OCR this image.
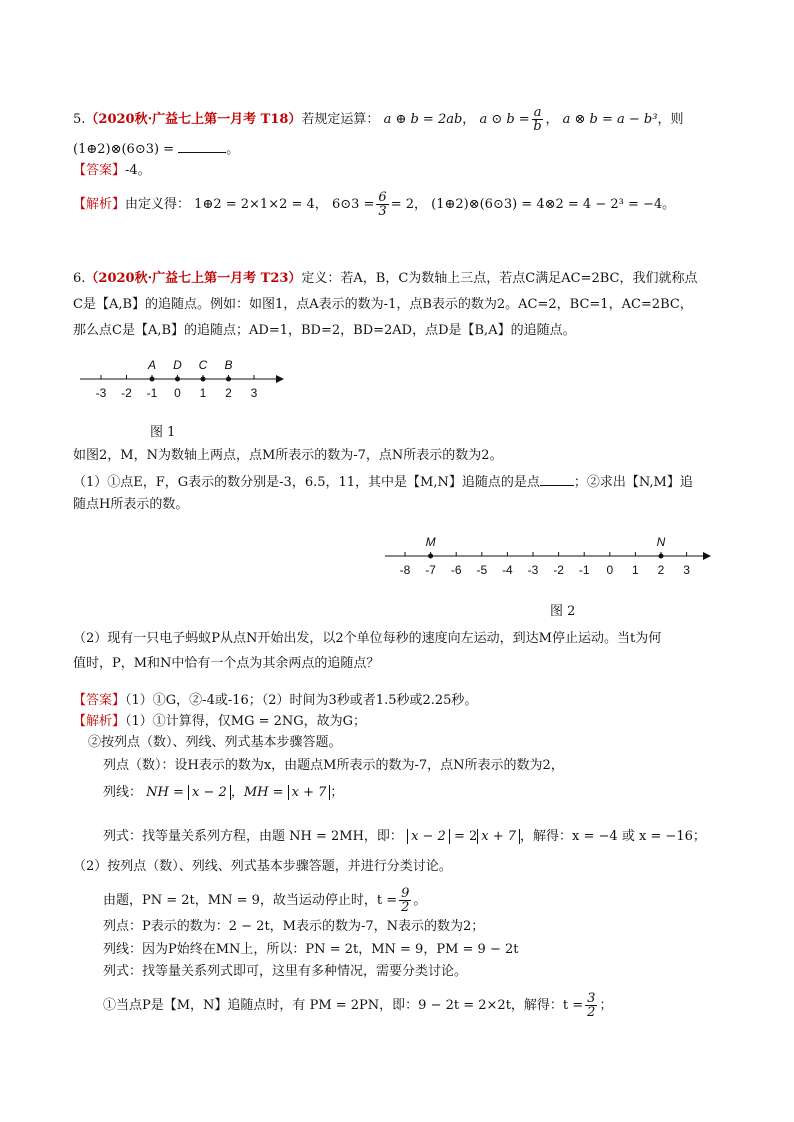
5.（2020秋·广益七上第一月考 T18）若规定运算： a ⊕ b = 2ab， a ⊙ $b = \frac{a}{b}$ ， a ⊗ b = a − b³，则
(1⊕2)⊗(6⊙3) =	。
【答案】-4。
【解析】由定义得： 1⊕2 = 2×1×2 = 4， 6⊙3 = $\frac{6}{3} = 2$， (1⊕2)⊗(6⊙3) = 4⊗2 = 4 − 2³ = −4。
6.（2020秋·广益七上第一月考 T23）定义：若A，B，C为数轴上三点，若点C满足AC=2BC，我们就称点
C是【A,B】的追随点。例如：如图1，点A表示的数为-1，点B表示的数为2。AC=2，BC=1，AC=2BC，
那么点C是【A,B】的追随点；AD=1，BD=2，BD=2AD，点D是【B,A】的追随点。
-3 -2 -1 0 1 2 3
A D C B
图 1
如图2，M，N为数轴上两点，点M所表示的数为-7，点N所表示的数为2。
（1）①点E，F，G表示的数分别是-3，6.5，11，其中是【M,N】追随点的是点	；②求出【N,M】追
随点H所表示的数。
-8 -7 -6 -5 -4 -3 -2 -1 0 1 2 3
M	N
图 2
（2）现有一只电子蚂蚁P从点N开始出发，以2个单位每秒的速度向左运动，到达M停止运动。当t为何
值时，P，M和N中恰有一个点为其余两点的追随点？
【答案】（1）①G，②-4或-16；（2）时间为3秒或者1.5秒或2.25秒。
【解析】（1）①计算得，仅MG = 2NG，故为G；
②按列点（数）、列线、列式基本步骤答题。
列点（数）：设H表示的数为x，由题点M所表示的数为-7，点N所表示的数为2，
列线： NH = x − 2 ，MH = x + 7 ；
列式：找等量关系列方程，由题 NH = 2MH，即： x − 2 = 2 x + 7 ，解得：x = −4 或 x = −16；
（2）按列点（数）、列线、列式基本步骤答题，并进行分类讨论。
由题，PN = 2t，MN = 9，故当运动停止时，$t = \frac{9}{2}$ 。
列点：P表示的数为：2 − 2t，M表示的数为-7，N表示的数为2；
列线：因为P始终在MN上，所以：PN = 2t，MN = 9，PM = 9 − 2t
列式：找等量关系列式即可，这里有多种情况，需要分类讨论。
①当点P是【M，N】追随点时，有 PM = 2PN，即：9 − 2t = 2×2t，解得：$t = \frac{3}{2}$ ；
